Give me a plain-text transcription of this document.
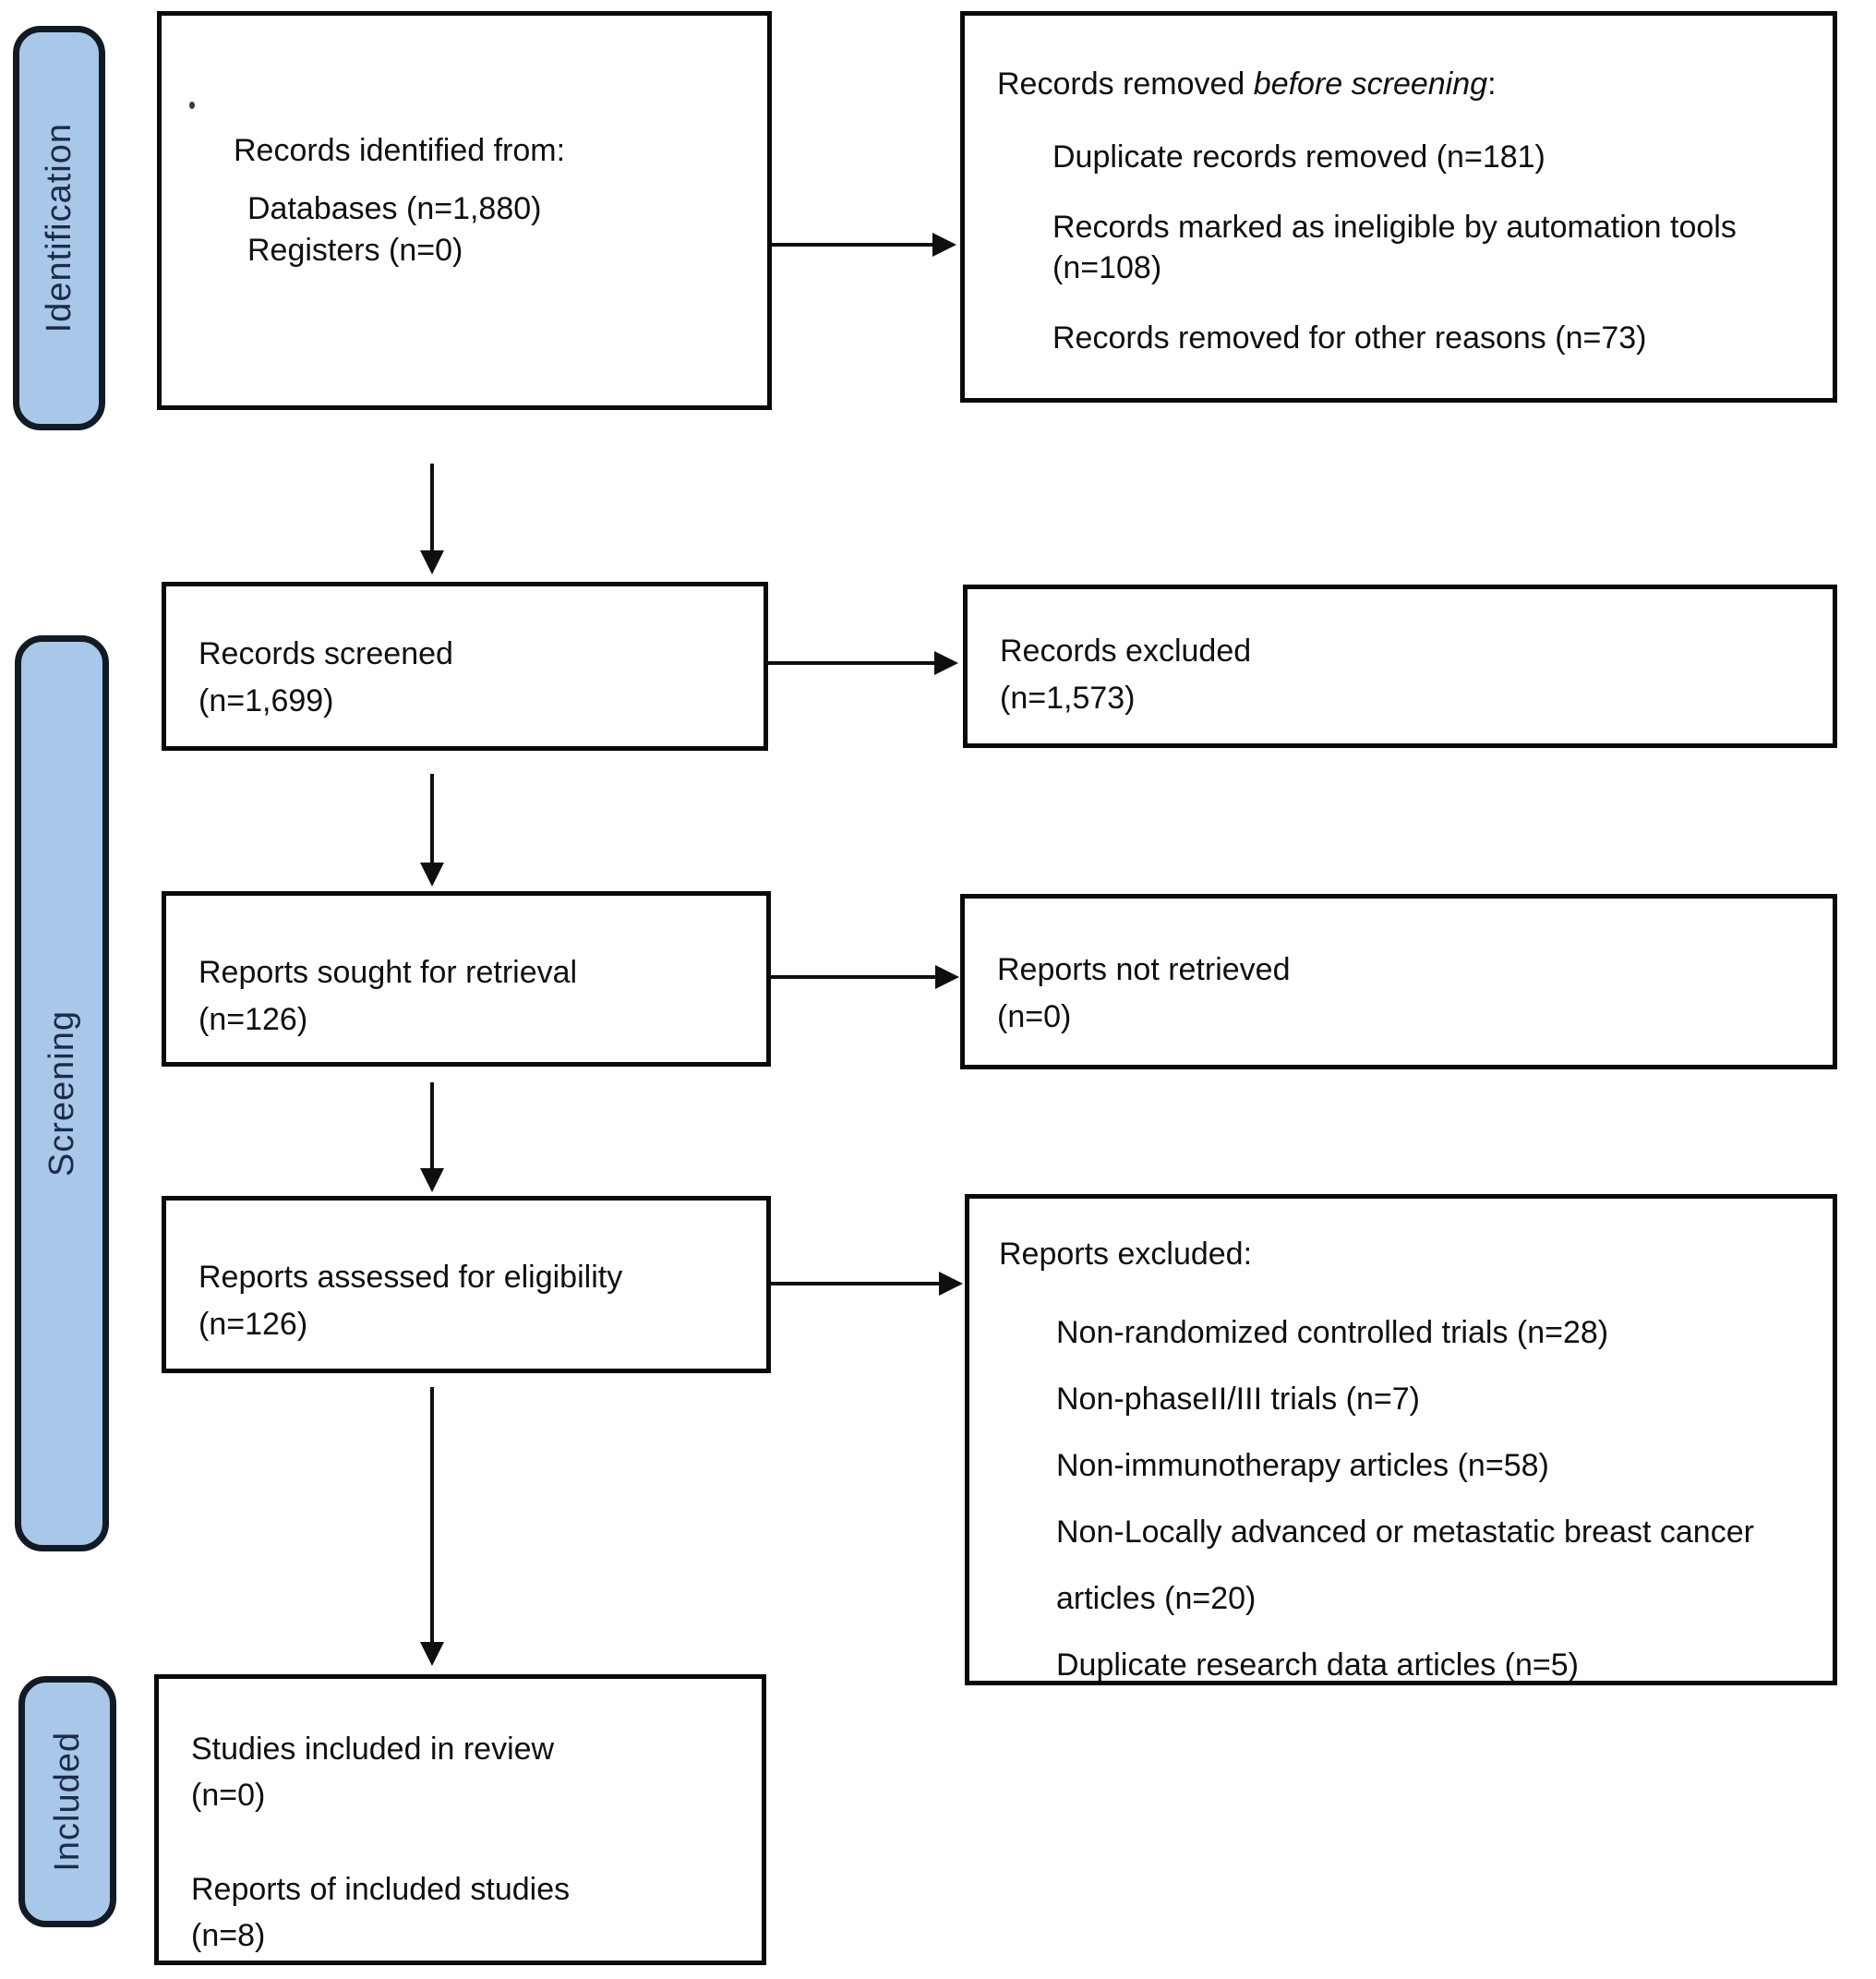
Identification
Screening
Included

Records identified from:

Databases (n=1,880)

Registers (n=0)

Records removed before screening:

Duplicate records removed (n=181)

Records marked as ineligible by automation tools (n=108)

Records removed for other reasons (n=73)

Records screened

(n=1,699)

Records excluded

(n=1,573)

Reports sought for retrieval

(n=126)

Reports not retrieved

(n=0)

Reports assessed for eligibility

(n=126)

Reports excluded:

Non-randomized controlled trials (n=28)
Non-phaseII/III trials (n=7)
Non-immunotherapy articles (n=58)
Non-Locally advanced or metastatic breast cancer articles (n=20)
Duplicate research data articles (n=5)

Studies included in review

(n=0)

Reports of included studies

(n=8)
